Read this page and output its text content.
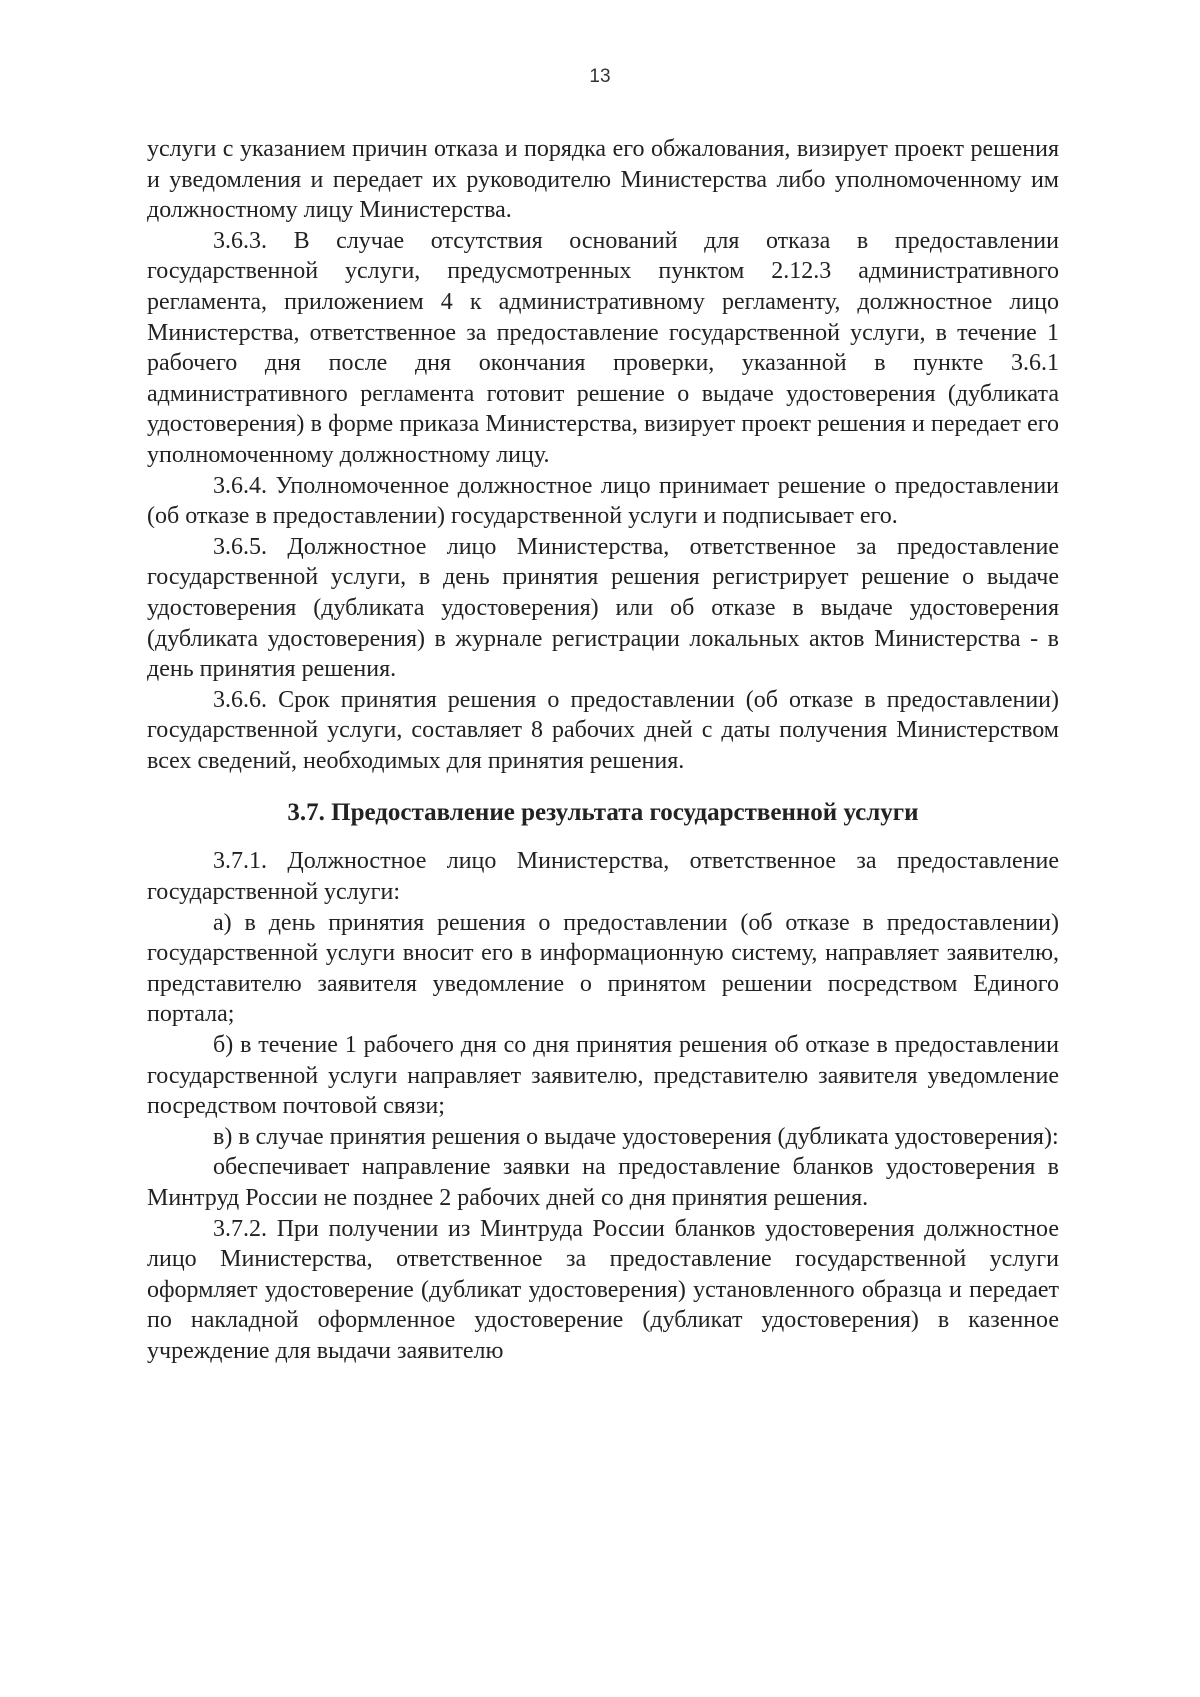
13

услуги с указанием причин отказа и порядка его обжалования, визирует проект решения и уведомления и передает их руководителю Министерства либо уполномоченному им должностному лицу Министерства.

3.6.3. В случае отсутствия оснований для отказа в предоставлении государственной услуги, предусмотренных пунктом 2.12.3 административного регламента, приложением 4 к административному регламенту, должностное лицо Министерства, ответственное за предоставление государственной услуги, в течение 1 рабочего дня после дня окончания проверки, указанной в пункте 3.6.1 административного регламента готовит решение о выдаче удостоверения (дубликата удостоверения) в форме приказа Министерства, визирует проект решения и передает его уполномоченному должностному лицу.

3.6.4. Уполномоченное должностное лицо принимает решение о предоставлении (об отказе в предоставлении) государственной услуги и подписывает его.

3.6.5. Должностное лицо Министерства, ответственное за предоставление государственной услуги, в день принятия решения регистрирует решение о выдаче удостоверения (дубликата удостоверения) или об отказе в выдаче удостоверения (дубликата удостоверения) в журнале регистрации локальных актов Министерства - в день принятия решения.

3.6.6. Срок принятия решения о предоставлении (об отказе в предоставлении) государственной услуги, составляет 8 рабочих дней с даты получения Министерством всех сведений, необходимых для принятия решения.

3.7. Предоставление результата государственной услуги

3.7.1. Должностное лицо Министерства, ответственное за предоставление государственной услуги:

а) в день принятия решения о предоставлении (об отказе в предоставлении) государственной услуги вносит его в информационную систему, направляет заявителю, представителю заявителя уведомление о принятом решении посредством Единого портала;

б) в течение 1 рабочего дня со дня принятия решения об отказе в предоставлении государственной услуги направляет заявителю, представителю заявителя уведомление посредством почтовой связи;

в) в случае принятия решения о выдаче удостоверения (дубликата удостоверения):

обеспечивает направление заявки на предоставление бланков удостоверения в Минтруд России не позднее 2 рабочих дней со дня принятия решения.

3.7.2. При получении из Минтруда России бланков удостоверения должностное лицо Министерства, ответственное за предоставление государственной услуги оформляет удостоверение (дубликат удостоверения) установленного образца и передает по накладной оформленное удостоверение (дубликат удостоверения) в казенное учреждение для выдачи заявителю
